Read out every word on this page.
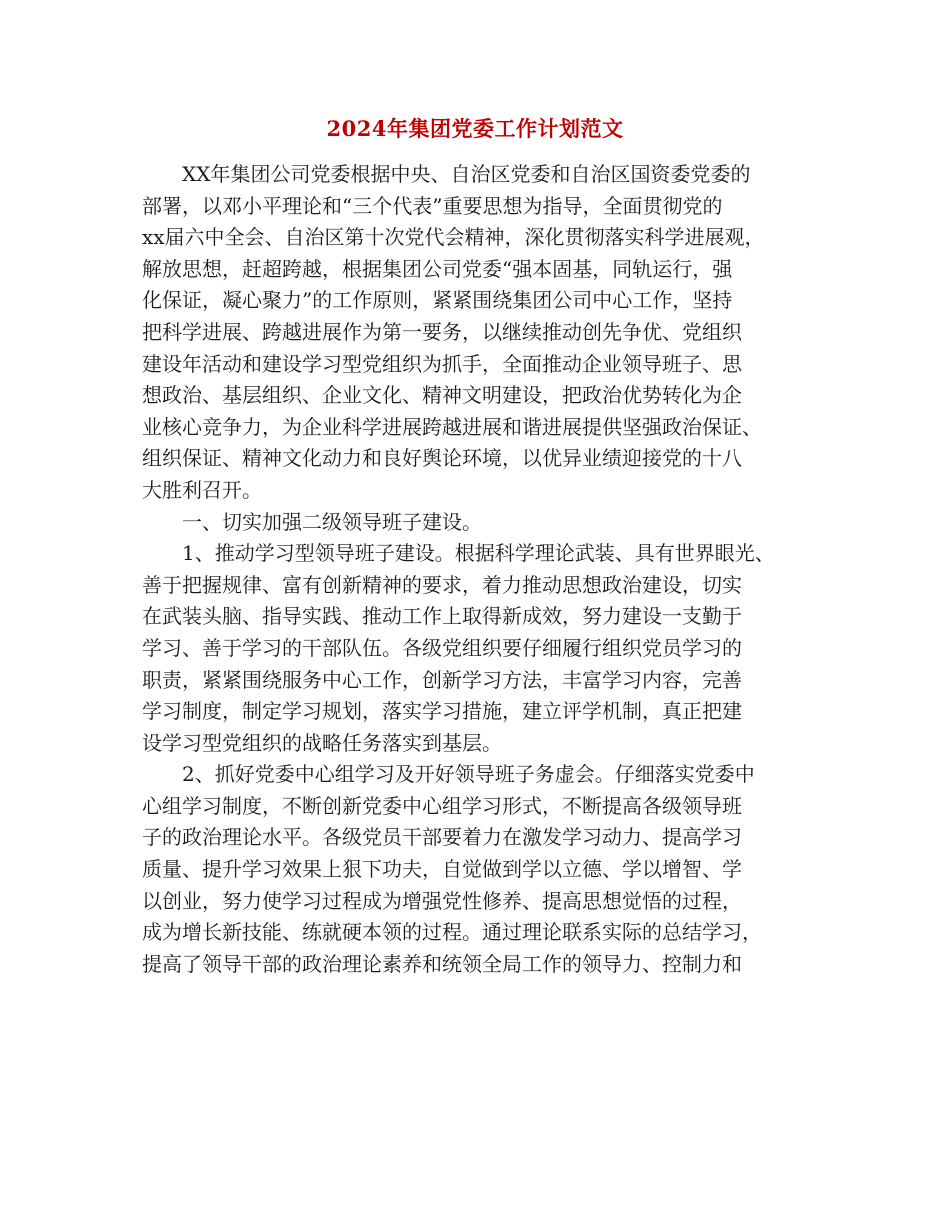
2024年集团党委工作计划范文
XX年集团公司党委根据中央、自治区党委和自治区国资委党委的
部署，以邓小平理论和“三个代表”重要思想为指导，全面贯彻党的
xx届六中全会、自治区第十次党代会精神，深化贯彻落实科学进展观，
解放思想，赶超跨越，根据集团公司党委“强本固基，同轨运行，强
化保证，凝心聚力”的工作原则，紧紧围绕集团公司中心工作，坚持
把科学进展、跨越进展作为第一要务，以继续推动创先争优、党组织
建设年活动和建设学习型党组织为抓手，全面推动企业领导班子、思
想政治、基层组织、企业文化、精神文明建设，把政治优势转化为企
业核心竞争力，为企业科学进展跨越进展和谐进展提供坚强政治保证、
组织保证、精神文化动力和良好舆论环境，以优异业绩迎接党的十八
大胜利召开。
一、切实加强二级领导班子建设。
1、推动学习型领导班子建设。根据科学理论武装、具有世界眼光、
善于把握规律、富有创新精神的要求，着力推动思想政治建设，切实
在武装头脑、指导实践、推动工作上取得新成效，努力建设一支勤于
学习、善于学习的干部队伍。各级党组织要仔细履行组织党员学习的
职责，紧紧围绕服务中心工作，创新学习方法，丰富学习内容，完善
学习制度，制定学习规划，落实学习措施，建立评学机制，真正把建
设学习型党组织的战略任务落实到基层。
2、抓好党委中心组学习及开好领导班子务虚会。仔细落实党委中
心组学习制度，不断创新党委中心组学习形式，不断提高各级领导班
子的政治理论水平。各级党员干部要着力在激发学习动力、提高学习
质量、提升学习效果上狠下功夫，自觉做到学以立德、学以增智、学
以创业，努力使学习过程成为增强党性修养、提高思想觉悟的过程，
成为增长新技能、练就硬本领的过程。通过理论联系实际的总结学习，
提高了领导干部的政治理论素养和统领全局工作的领导力、控制力和
